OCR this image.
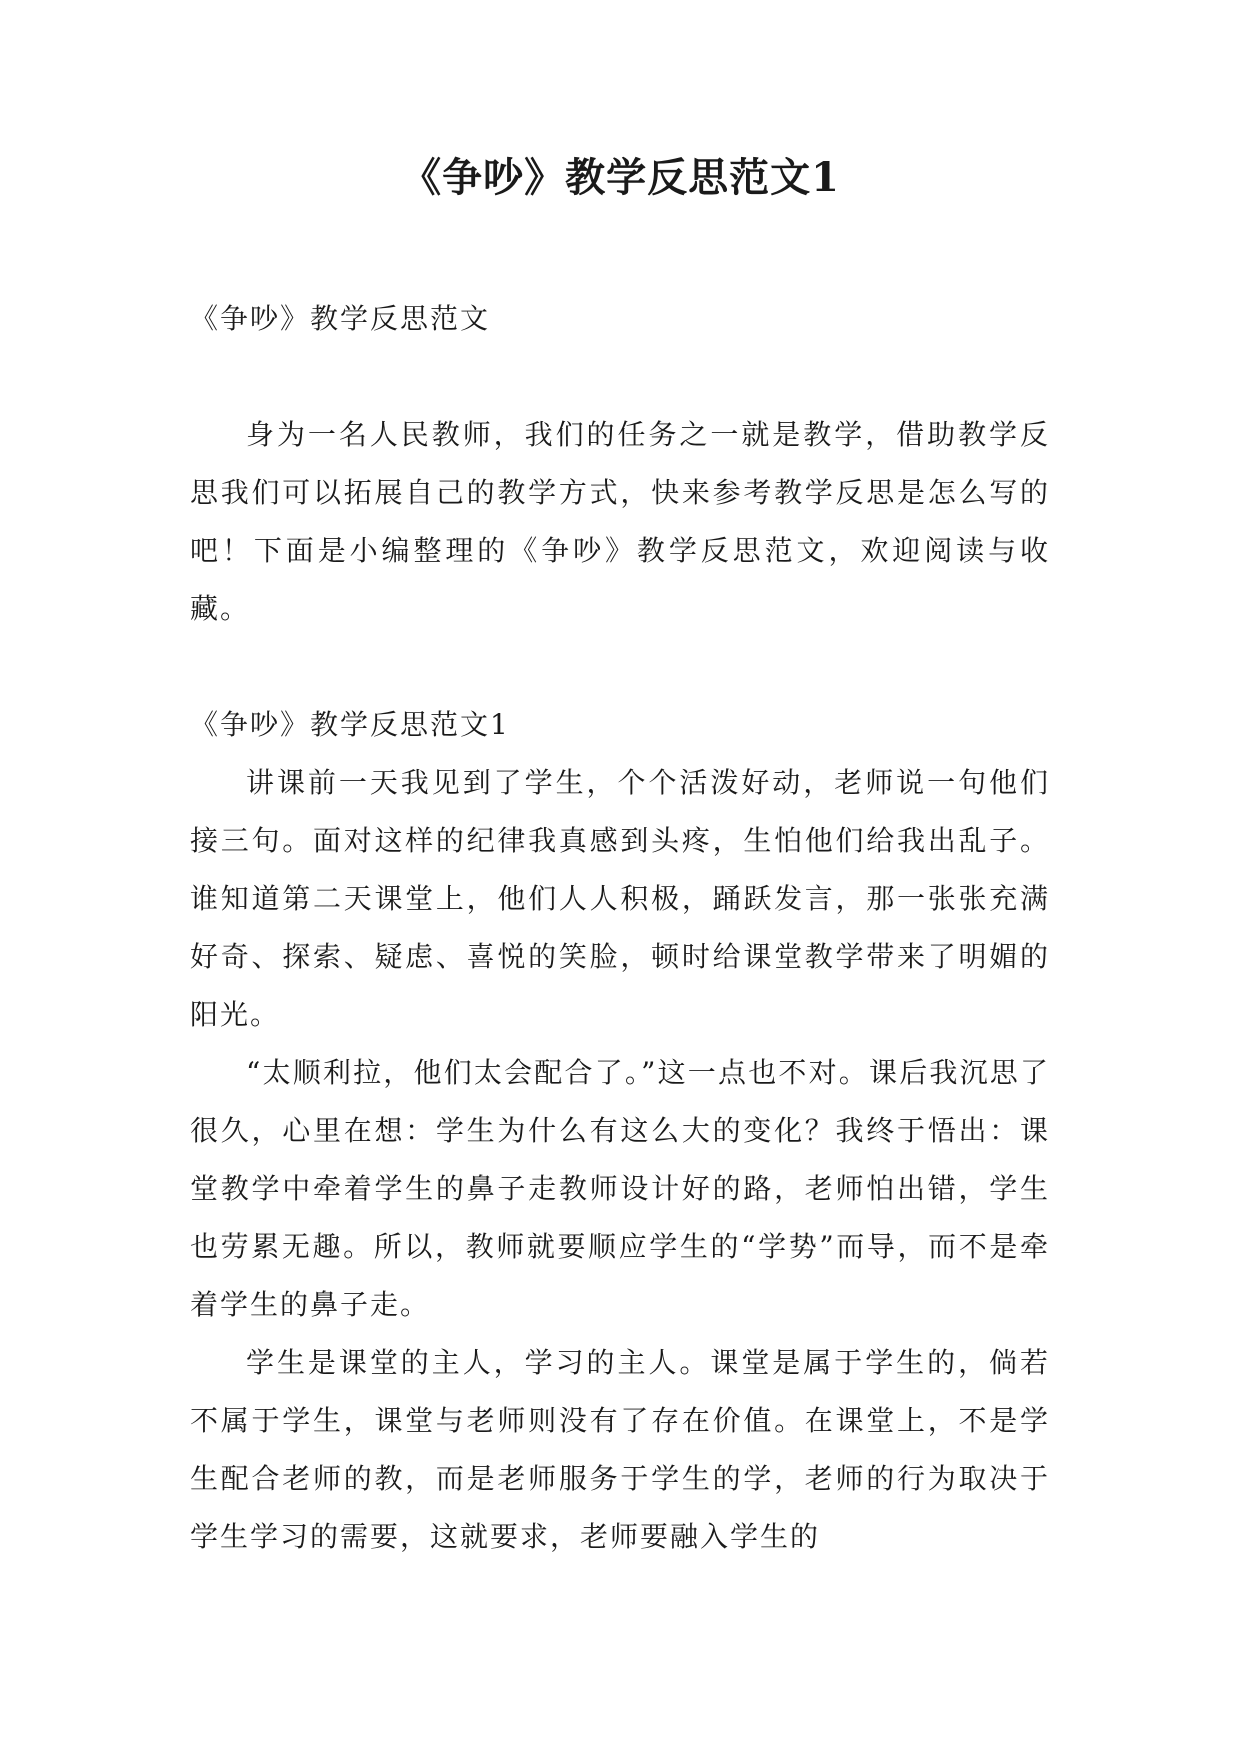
《争吵》教学反思范文1

《争吵》教学反思范文

身为一名人民教师，我们的任务之一就是教学，借助教学反思我们可以拓展自己的教学方式，快来参考教学反思是怎么写的吧！下面是小编整理的《争吵》教学反思范文，欢迎阅读与收藏。

《争吵》教学反思范文1

讲课前一天我见到了学生，个个活泼好动，老师说一句他们接三句。面对这样的纪律我真感到头疼，生怕他们给我出乱子。谁知道第二天课堂上，他们人人积极，踊跃发言，那一张张充满好奇、探索、疑虑、喜悦的笑脸，顿时给课堂教学带来了明媚的阳光。

“太顺利拉，他们太会配合了。”这一点也不对。课后我沉思了很久，心里在想：学生为什么有这么大的变化？我终于悟出：课堂教学中牵着学生的鼻子走教师设计好的路，老师怕出错，学生也劳累无趣。所以，教师就要顺应学生的“学势”而导，而不是牵着学生的鼻子走。

学生是课堂的主人，学习的主人。课堂是属于学生的，倘若不属于学生，课堂与老师则没有了存在价值。在课堂上，不是学生配合老师的教，而是老师服务于学生的学，老师的行为取决于学生学习的需要，这就要求，老师要融入学生的
